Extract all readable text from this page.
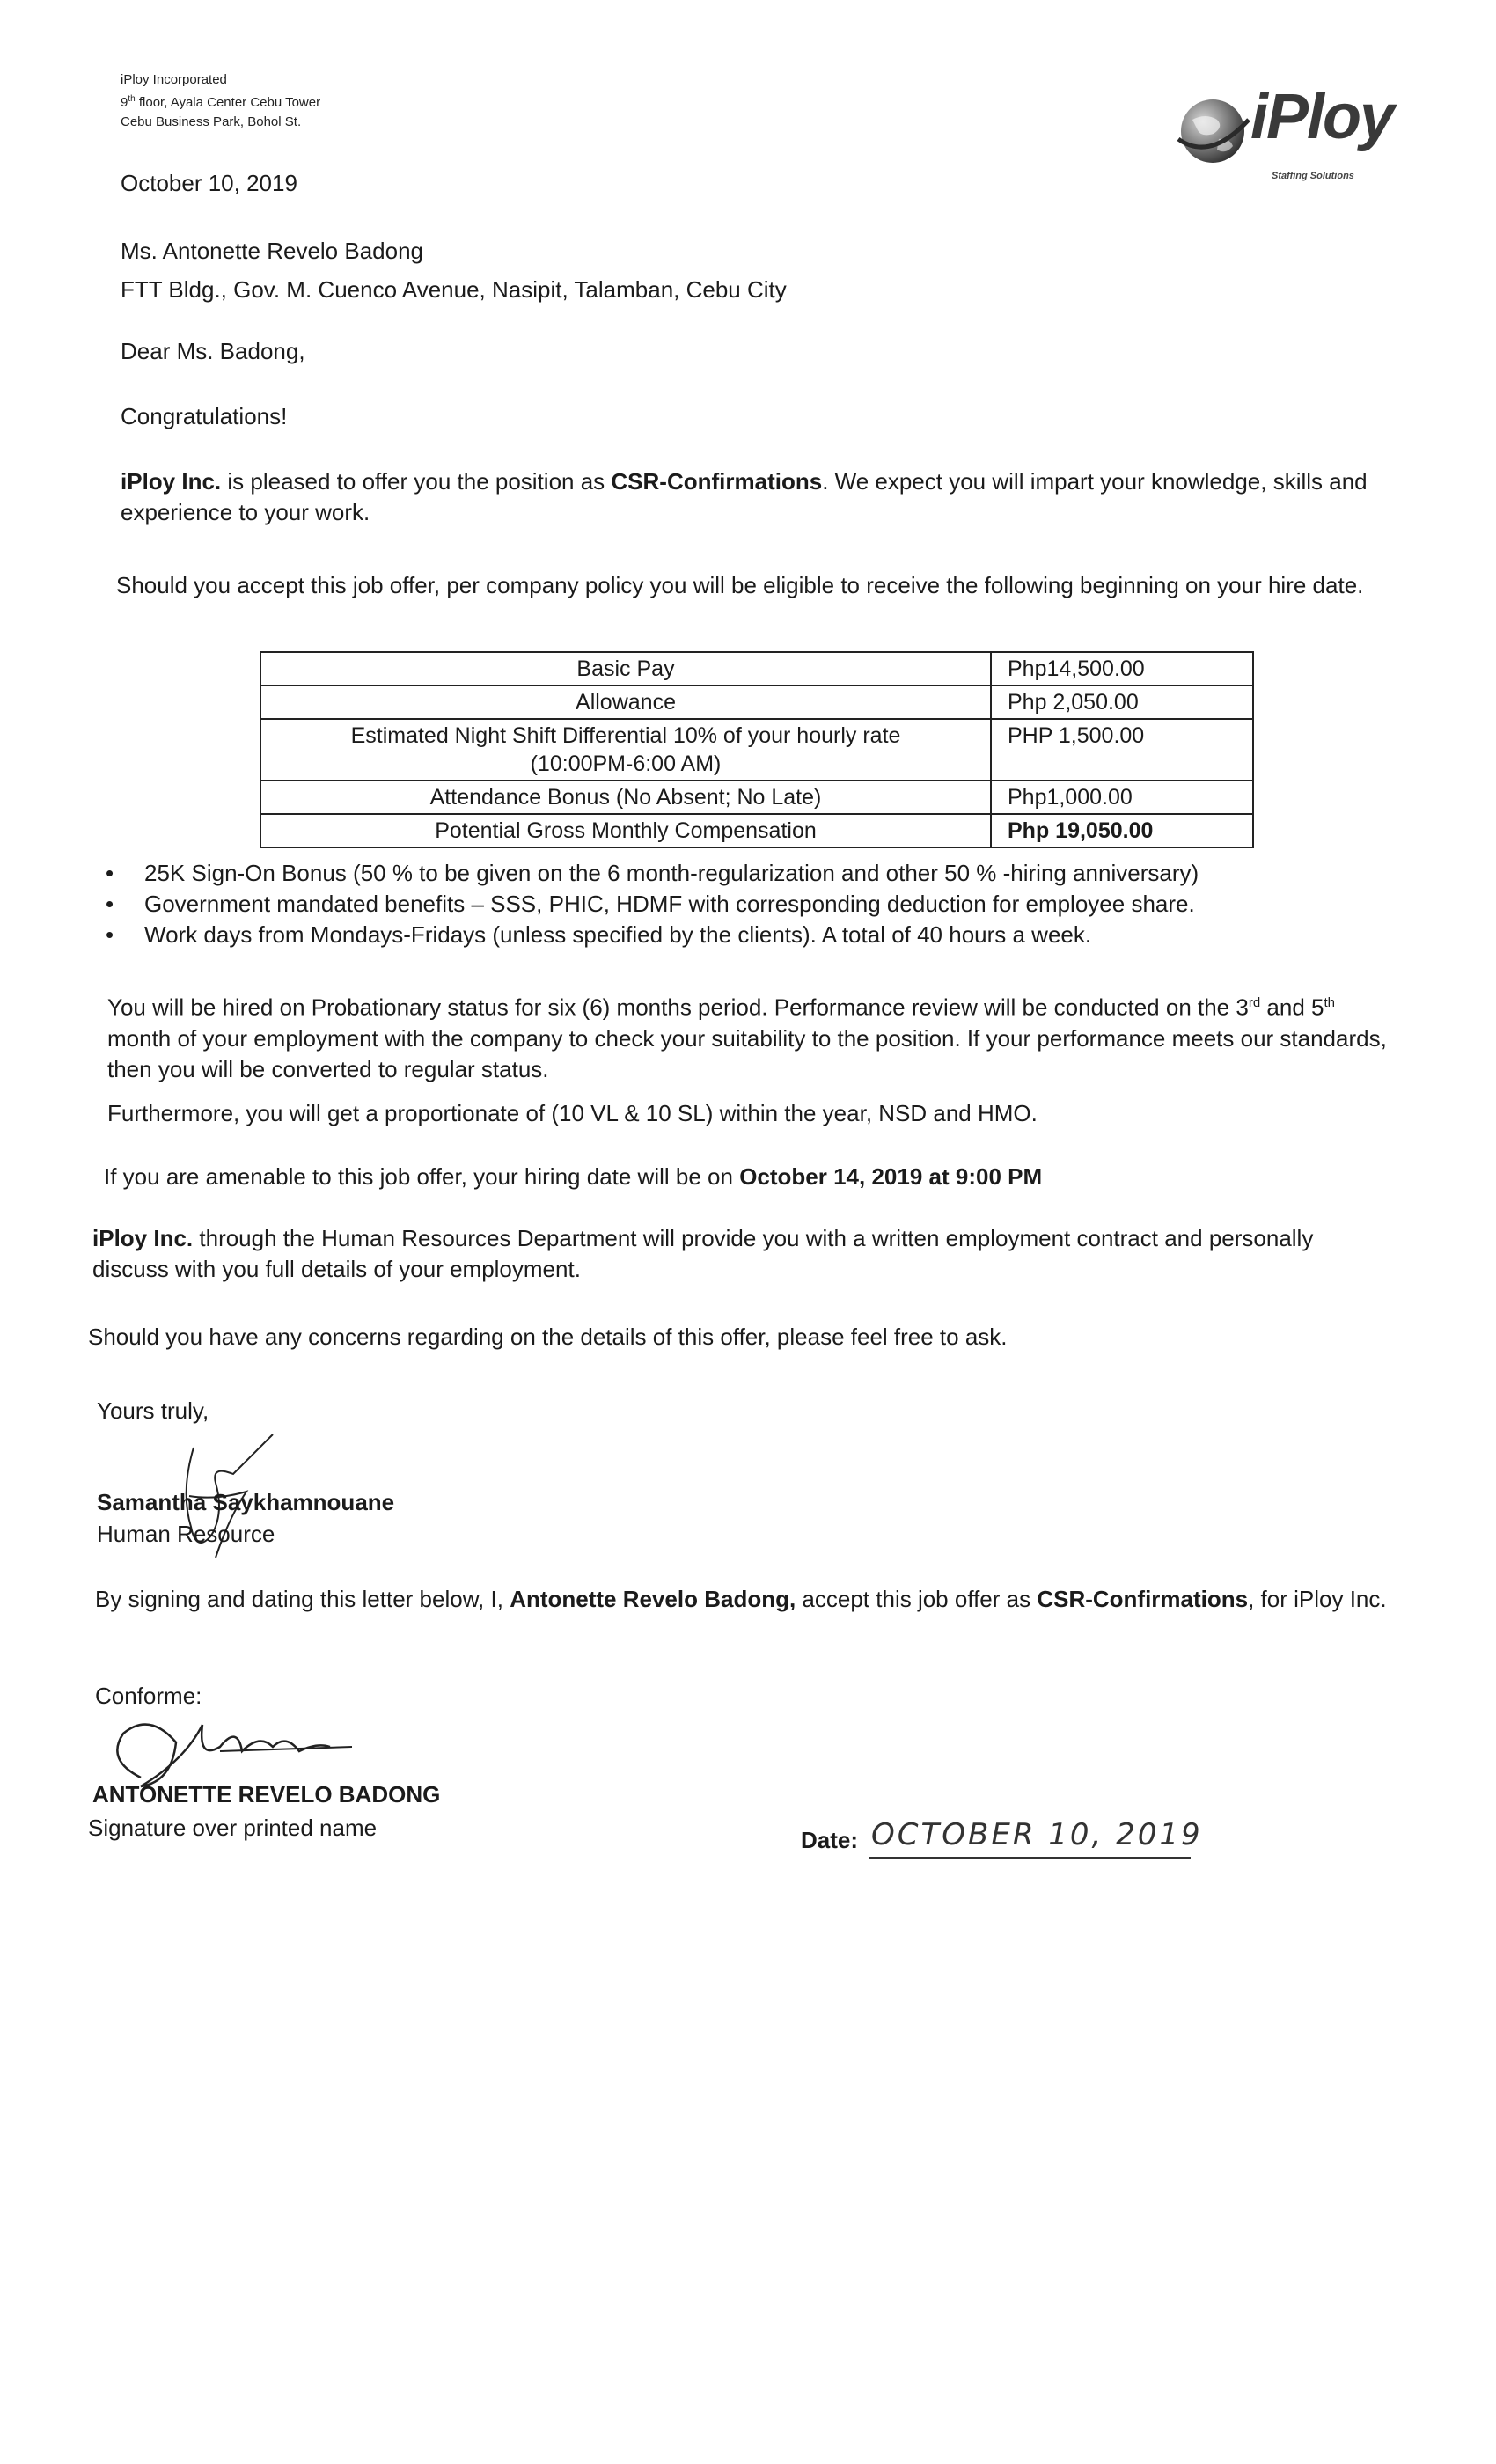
iPloy Incorporated
9th floor, Ayala Center Cebu Tower
Cebu Business Park, Bohol St.	iPloy
Staffing Solutions
October 10, 2019
Ms. Antonette Revelo Badong
FTT Bldg., Gov. M. Cuenco Avenue, Nasipit, Talamban, Cebu City
Dear Ms. Badong,
Congratulations!
iPloy Inc. is pleased to offer you the position as CSR-Confirmations. We expect you will impart your knowledge, skills and experience to your work.
Should you accept this job offer, per company policy you will be eligible to receive the following beginning on your hire date.
Basic Pay	Php14,500.00
Allowance	Php 2,050.00

Estimated Night Shift Differential 10% of your hourly rate
(10:00PM-6:00 AM)	PHP 1,500.00
Attendance Bonus (No Absent; No Late)	Php1,000.00
Potential Gross Monthly Compensation	Php 19,050.00
• 25K Sign-On Bonus (50 % to be given on the 6 month-regularization and other 50 % -hiring anniversary)
• Government mandated benefits – SSS, PHIC, HDMF with corresponding deduction for employee share.
• Work days from Mondays-Fridays (unless specified by the clients). A total of 40 hours a week.
You will be hired on Probationary status for six (6) months period. Performance review will be conducted on the 3rd and 5th month of your employment with the company to check your suitability to the position. If your performance meets our standards, then you will be converted to regular status.
Furthermore, you will get a proportionate of (10 VL & 10 SL) within the year, NSD and HMO.
If you are amenable to this job offer, your hiring date will be on October 14, 2019 at 9:00 PM
iPloy Inc. through the Human Resources Department will provide you with a written employment contract and personally discuss with you full details of your employment.
Should you have any concerns regarding on the details of this offer, please feel free to ask.
Yours truly,
Samantha Saykhamnouane
Human Resource
By signing and dating this letter below, I, Antonette Revelo Badong, accept this job offer as CSR-Confirmations, for iPloy Inc.
Conforme:
ANTONETTE REVELO BADONG
Signature over printed name	Date: OCTOBER 10, 2019
